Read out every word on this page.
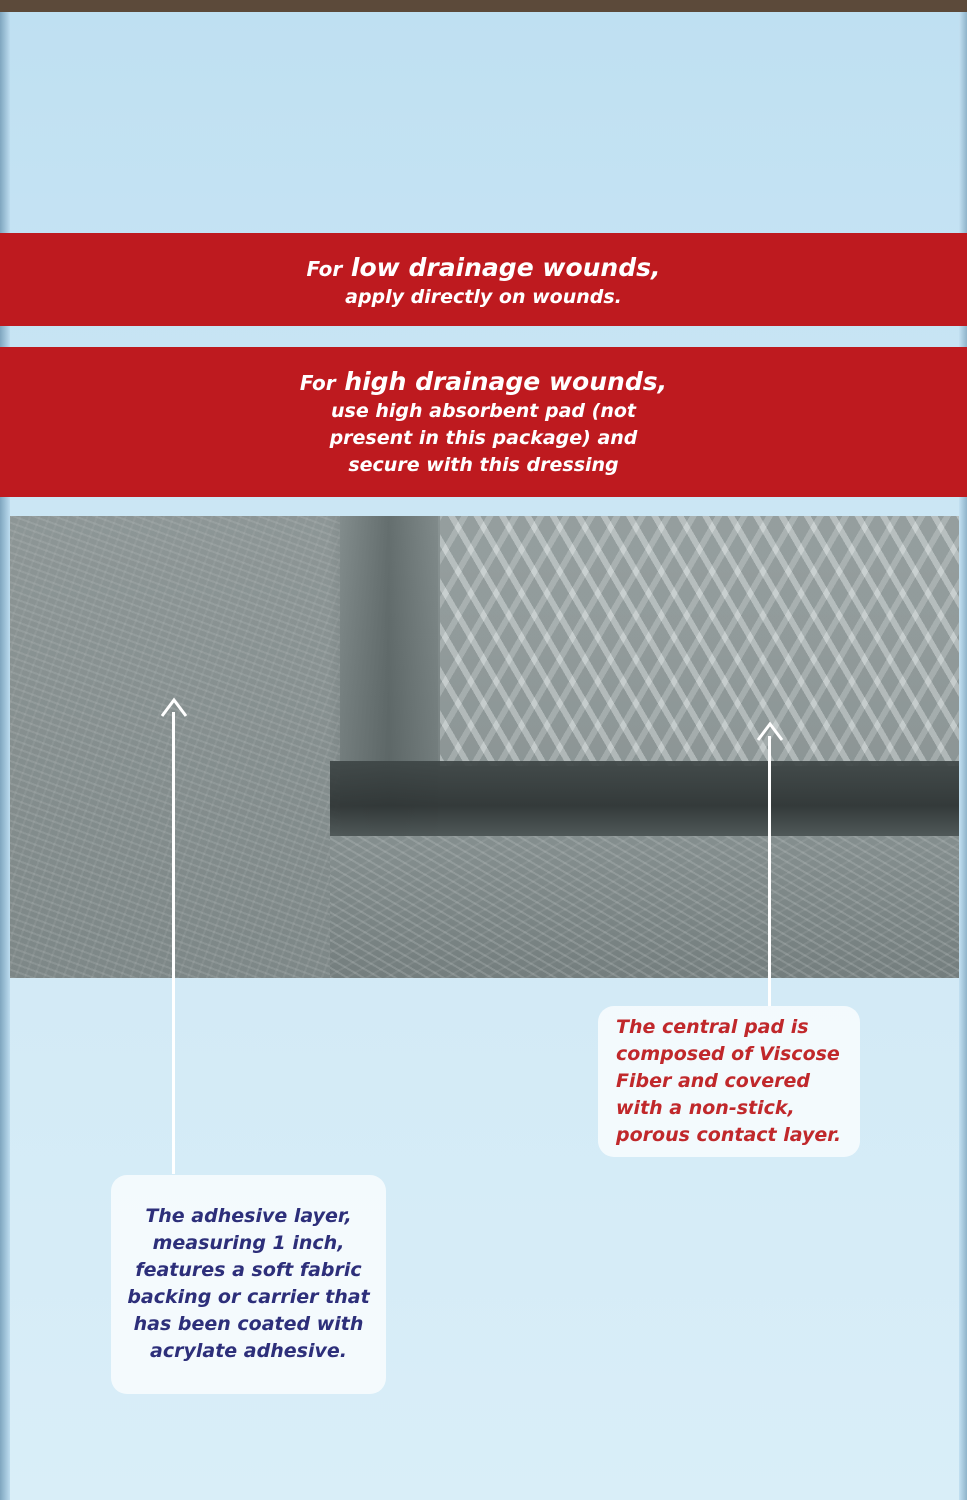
For low drainage wounds,
apply directly on wounds.
For high drainage wounds,
use high absorbent pad (not
present in this package) and
secure with this dressing
The central pad is
composed of Viscose
Fiber and covered
with a non-stick,
porous contact layer.
The adhesive layer,
measuring 1 inch,
features a soft fabric
backing or carrier that
has been coated with
acrylate adhesive.
